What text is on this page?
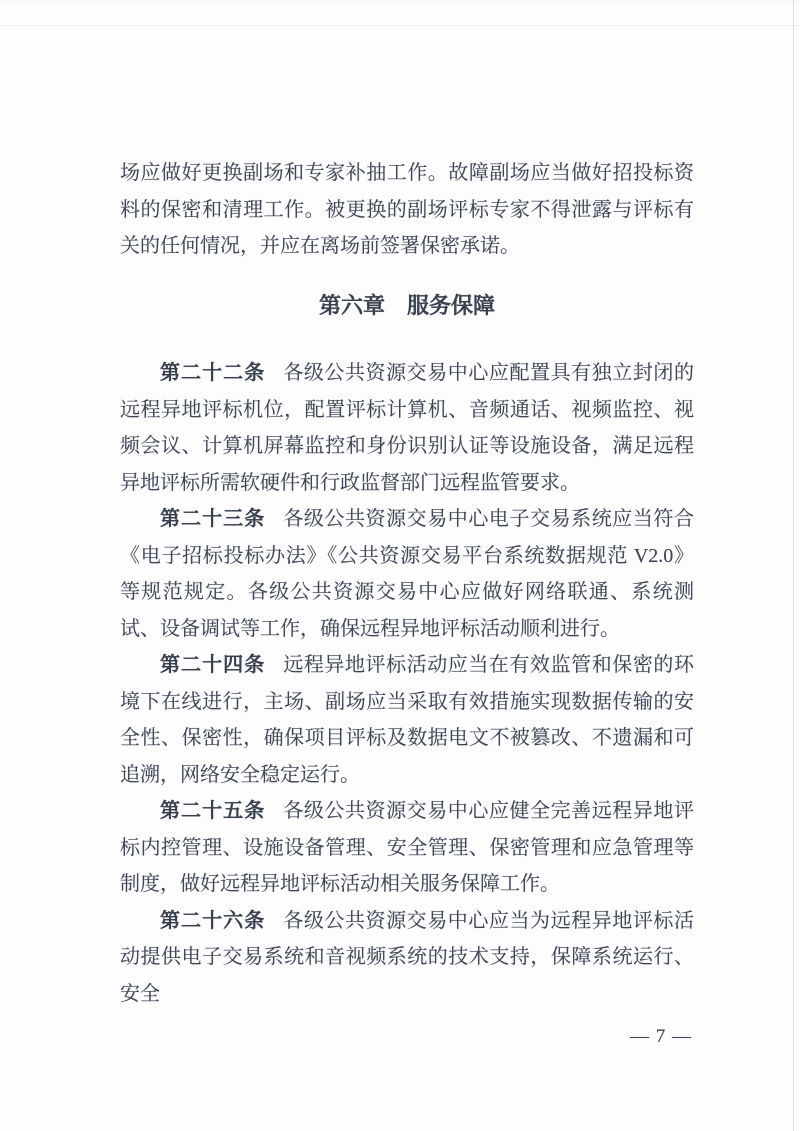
场应做好更换副场和专家补抽工作。故障副场应当做好招投标资料的保密和清理工作。被更换的副场评标专家不得泄露与评标有关的任何情况，并应在离场前签署保密承诺。

第六章　服务保障

第二十二条 各级公共资源交易中心应配置具有独立封闭的远程异地评标机位，配置评标计算机、音频通话、视频监控、视频会议、计算机屏幕监控和身份识别认证等设施设备，满足远程异地评标所需软硬件和行政监督部门远程监管要求。

第二十三条 各级公共资源交易中心电子交易系统应当符合《电子招标投标办法》《公共资源交易平台系统数据规范 V2.0》等规范规定。各级公共资源交易中心应做好网络联通、系统测试、设备调试等工作，确保远程异地评标活动顺利进行。

第二十四条 远程异地评标活动应当在有效监管和保密的环境下在线进行，主场、副场应当采取有效措施实现数据传输的安全性、保密性，确保项目评标及数据电文不被篡改、不遗漏和可追溯，网络安全稳定运行。

第二十五条 各级公共资源交易中心应健全完善远程异地评标内控管理、设施设备管理、安全管理、保密管理和应急管理等制度，做好远程异地评标活动相关服务保障工作。

第二十六条 各级公共资源交易中心应当为远程异地评标活动提供电子交易系统和音视频系统的技术支持，保障系统运行、安全

— 7 —
